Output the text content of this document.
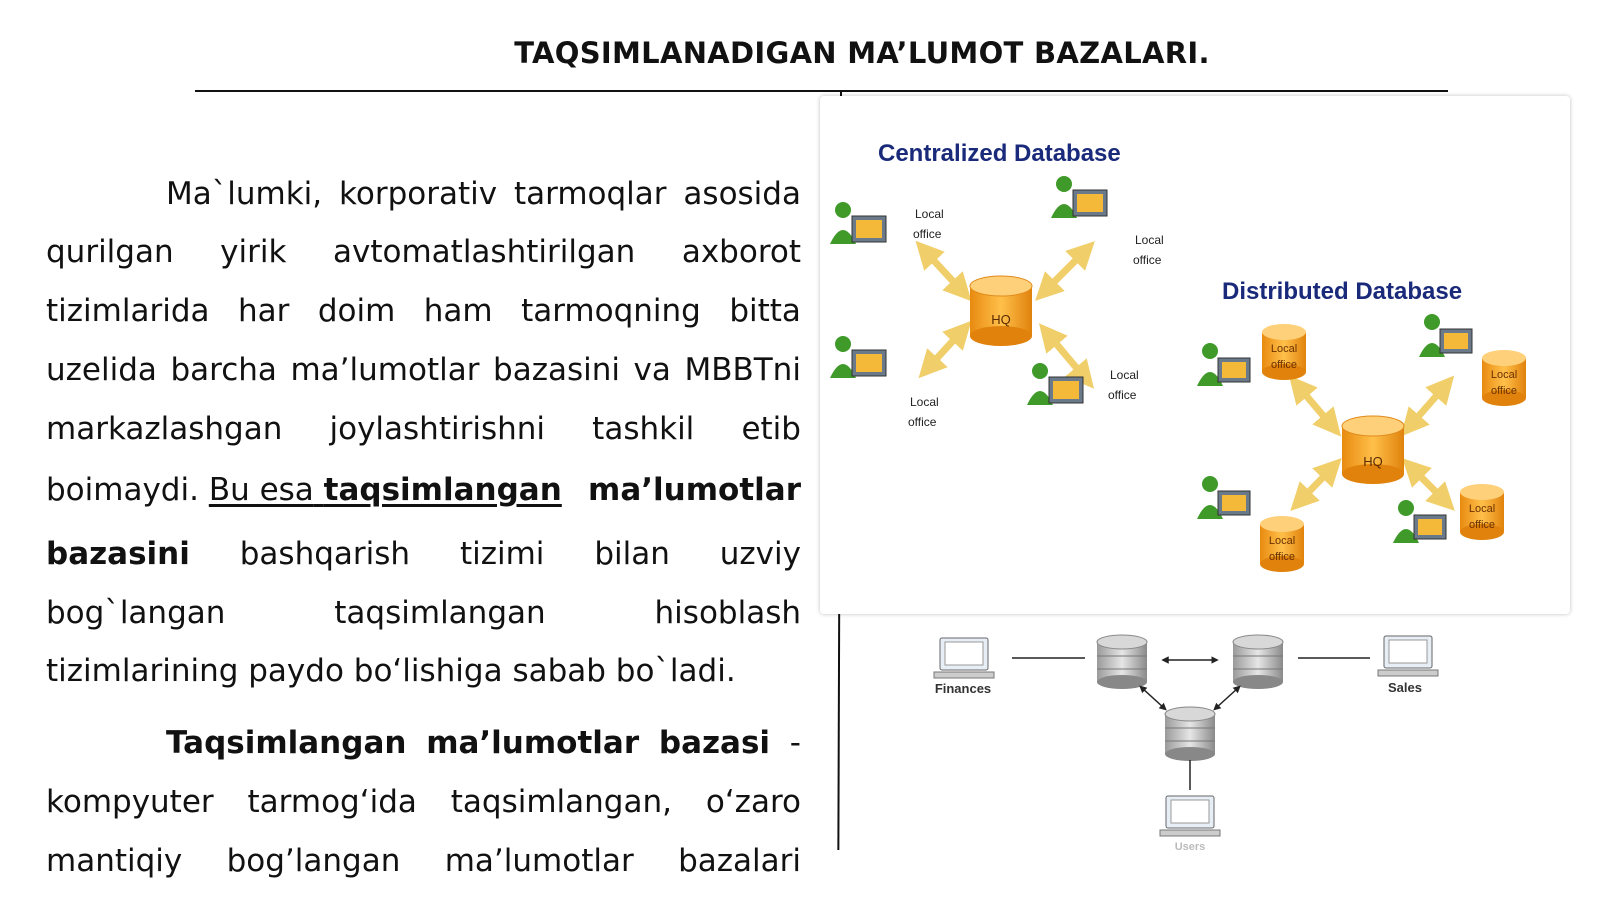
TAQSIMLANADIGAN MA’LUMOT BAZALARI.
Ma`lumki, korporativ tarmoqlar asosida
qurilgan yirik avtomatlashtirilgan axborot
tizimlarida har doim ham tarmoqning bitta
uzelida barcha ma’lumotlar bazasini va MBBTni
markazlashgan joylashtirishni tashkil etib
boimaydi. Bu esa taqsimlangan ma’lumotlar
bazasini bashqarish tizimi bilan uzviy
bog`langan	taqsimlangan	hisoblash
tizimlarining paydo bo‘lishiga sabab bo`ladi.
Taqsimlangan ma’lumotlar bazasi -
kompyuter tarmog‘ida taqsimlangan, o‘zaro
mantiqiy bog’langan ma’lumotlar bazalari
Centralized Database
Distributed Database
HQ
Local
office	Local
office
Local
office
Local
office
HQ
Local
office
Local
office
Local
office
Local
office
Finances	Sales
Users
